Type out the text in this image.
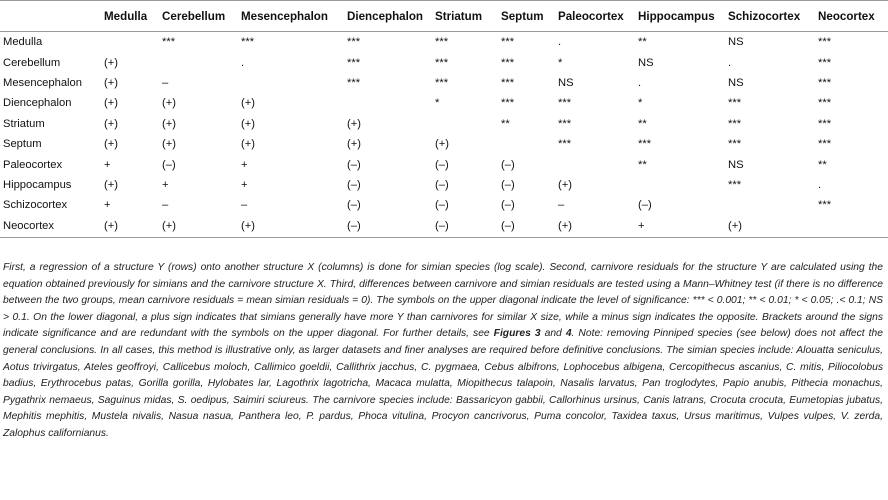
	Medulla	Cerebellum	Mesencephalon	Diencephalon	Striatum	Septum	Paleocortex	Hippocampus	Schizocortex	Neocortex
Medulla		***	***	***	***	***	.	**	NS	***
Cerebellum	(+)		.	***	***	***	*	NS	.	***
Mesencephalon	(+)	–		***	***	***	NS	.	NS	***
Diencephalon	(+)	(+)	(+)		*	***	***	*	***	***
Striatum	(+)	(+)	(+)	(+)		**	***	**	***	***
Septum	(+)	(+)	(+)	(+)	(+)		***	***	***	***
Paleocortex	+	(–)	+	(–)	(–)	(–)		**	NS	**
Hippocampus	(+)	+	+	(–)	(–)	(–)	(+)		***	.
Schizocortex	+	–	–	(–)	(–)	(–)	–	(–)		***
Neocortex	(+)	(+)	(+)	(–)	(–)	(–)	(+)	+	(+)	
First, a regression of a structure Y (rows) onto another structure X (columns) is done for simian species (log scale). Second, carnivore residuals for the structure Y are calculated using the equation obtained previously for simians and the carnivore structure X. Third, differences between carnivore and simian residuals are tested using a Mann–Whitney test (if there is no difference between the two groups, mean carnivore residuals = mean simian residuals = 0). The symbols on the upper diagonal indicate the level of significance: *** < 0.001; ** < 0.01; * < 0.05; .< 0.1; NS > 0.1. On the lower diagonal, a plus sign indicates that simians generally have more Y than carnivores for similar X size, while a minus sign indicates the opposite. Brackets around the signs indicate significance and are redundant with the symbols on the upper diagonal. For further details, see Figures 3 and 4. Note: removing Pinniped species (see below) does not affect the general conclusions. In all cases, this method is illustrative only, as larger datasets and finer analyses are required before definitive conclusions. The simian species include: Alouatta seniculus, Aotus trivirgatus, Ateles geoffroyi, Callicebus moloch, Callimico goeldii, Callithrix jacchus, C. pygmaea, Cebus albifrons, Lophocebus albigena, Cercopithecus ascanius, C. mitis, Piliocolobus badius, Erythrocebus patas, Gorilla gorilla, Hylobates lar, Lagothrix lagotricha, Macaca mulatta, Miopithecus talapoin, Nasalis larvatus, Pan troglodytes, Papio anubis, Pithecia monachus, Pygathrix nemaeus, Saguinus midas, S. oedipus, Saimiri sciureus. The carnivore species include: Bassaricyon gabbii, Callorhinus ursinus, Canis latrans, Crocuta crocuta, Eumetopias jubatus, Mephitis mephitis, Mustela nivalis, Nasua nasua, Panthera leo, P. pardus, Phoca vitulina, Procyon cancrivorus, Puma concolor, Taxidea taxus, Ursus maritimus, Vulpes vulpes, V. zerda, Zalophus californianus.
